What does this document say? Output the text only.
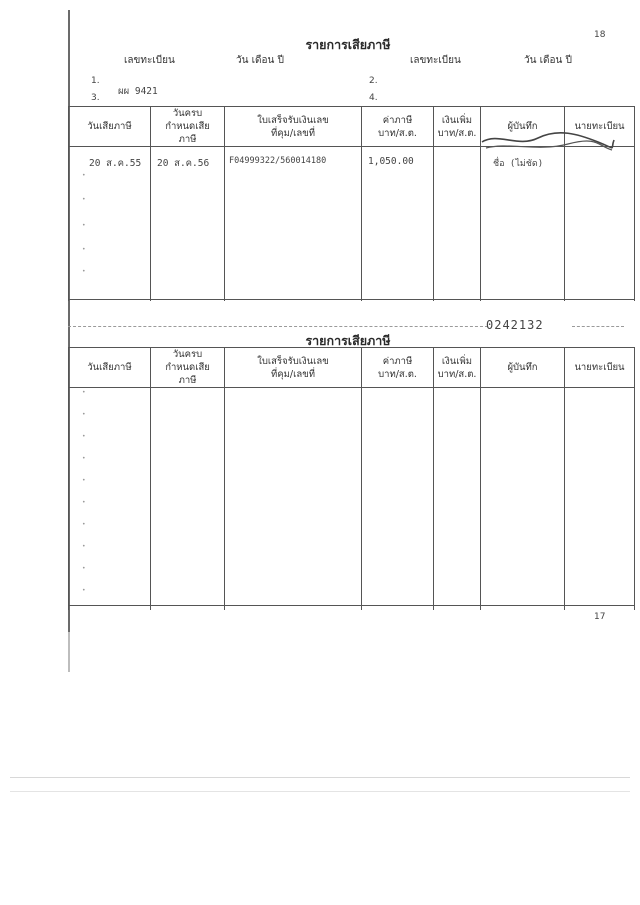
18
รายการเสียภาษี
เลขทะเบียน	วัน เดือน ปี	เลขทะเบียน	วัน เดือน ปี
1.	2.
3.	4.
ผผ 9421
วันเสียภาษี	วันครบกำหนดเสียภาษี	ใบเสร็จรับเงินเลขที่คุม/เลขที่	ค่าภาษีบาท/ส.ต.	เงินเพิ่มบาท/ส.ต.	ผู้บันทึก	นายทะเบียน
20 ส.ค.55	20 ส.ค.56	F04999322/560014180	1,050.00		ชื่อ (ไม่ชัด)	
•
•
•
•
•
0242132
รายการเสียภาษี
วันเสียภาษี	วันครบกำหนดเสียภาษี	ใบเสร็จรับเงินเลขที่คุม/เลขที่	ค่าภาษีบาท/ส.ต.	เงินเพิ่มบาท/ส.ต.	ผู้บันทึก	นายทะเบียน

•
•
•
•
•
•
•
•
•
•
17
